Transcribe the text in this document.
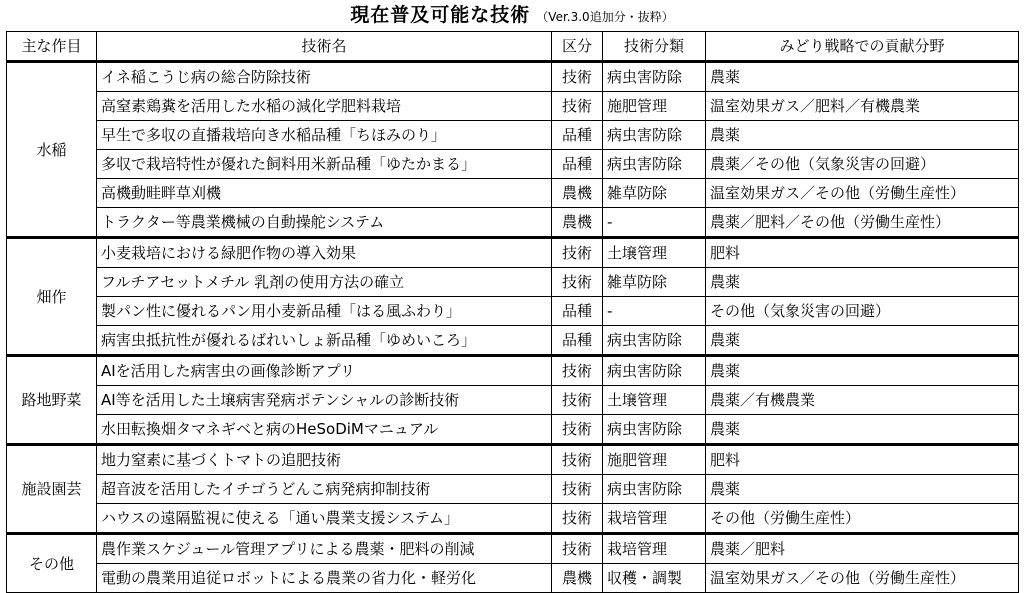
現在普及可能な技術 （Ver.3.0追加分・抜粋）
主な作目	技術名	区分	技術分類	みどり戦略での貢献分野
水稲	イネ稲こうじ病の総合防除技術	技術	病虫害防除	農薬
	高窒素鶏糞を活用した水稲の減化学肥料栽培	技術	施肥管理	温室効果ガス／肥料／有機農業
	早生で多収の直播栽培向き水稲品種「ちほみのり」	品種	病虫害防除	農薬
	多収で栽培特性が優れた飼料用米新品種「ゆたかまる」	品種	病虫害防除	農薬／その他（気象災害の回避）
	高機動畦畔草刈機	農機	雑草防除	温室効果ガス／その他（労働生産性）
	トラクター等農業機械の自動操舵システム	農機	-	農薬／肥料／その他（労働生産性）
畑作	小麦栽培における緑肥作物の導入効果	技術	土壌管理	肥料
	フルチアセットメチル 乳剤の使用方法の確立	技術	雑草防除	農薬
	製パン性に優れるパン用小麦新品種「はる風ふわり」	品種	-	その他（気象災害の回避）
	病害虫抵抗性が優れるばれいしょ新品種「ゆめいころ」	品種	病虫害防除	農薬
路地野菜	AIを活用した病害虫の画像診断アプリ	技術	病虫害防除	農薬
	AI等を活用した土壌病害発病ポテンシャルの診断技術	技術	土壌管理	農薬／有機農業
	水田転換畑タマネギベと病のHeSoDiMマニュアル	技術	病虫害防除	農薬
施設園芸	地力窒素に基づくトマトの追肥技術	技術	施肥管理	肥料
	超音波を活用したイチゴうどんこ病発病抑制技術	技術	病虫害防除	農薬
	ハウスの遠隔監視に使える「通い農業支援システム」	技術	栽培管理	その他（労働生産性）
その他	農作業スケジュール管理アプリによる農薬・肥料の削減	技術	栽培管理	農薬／肥料
	電動の農業用追従ロボットによる農業の省力化・軽労化	農機	収穫・調製	温室効果ガス／その他（労働生産性）
